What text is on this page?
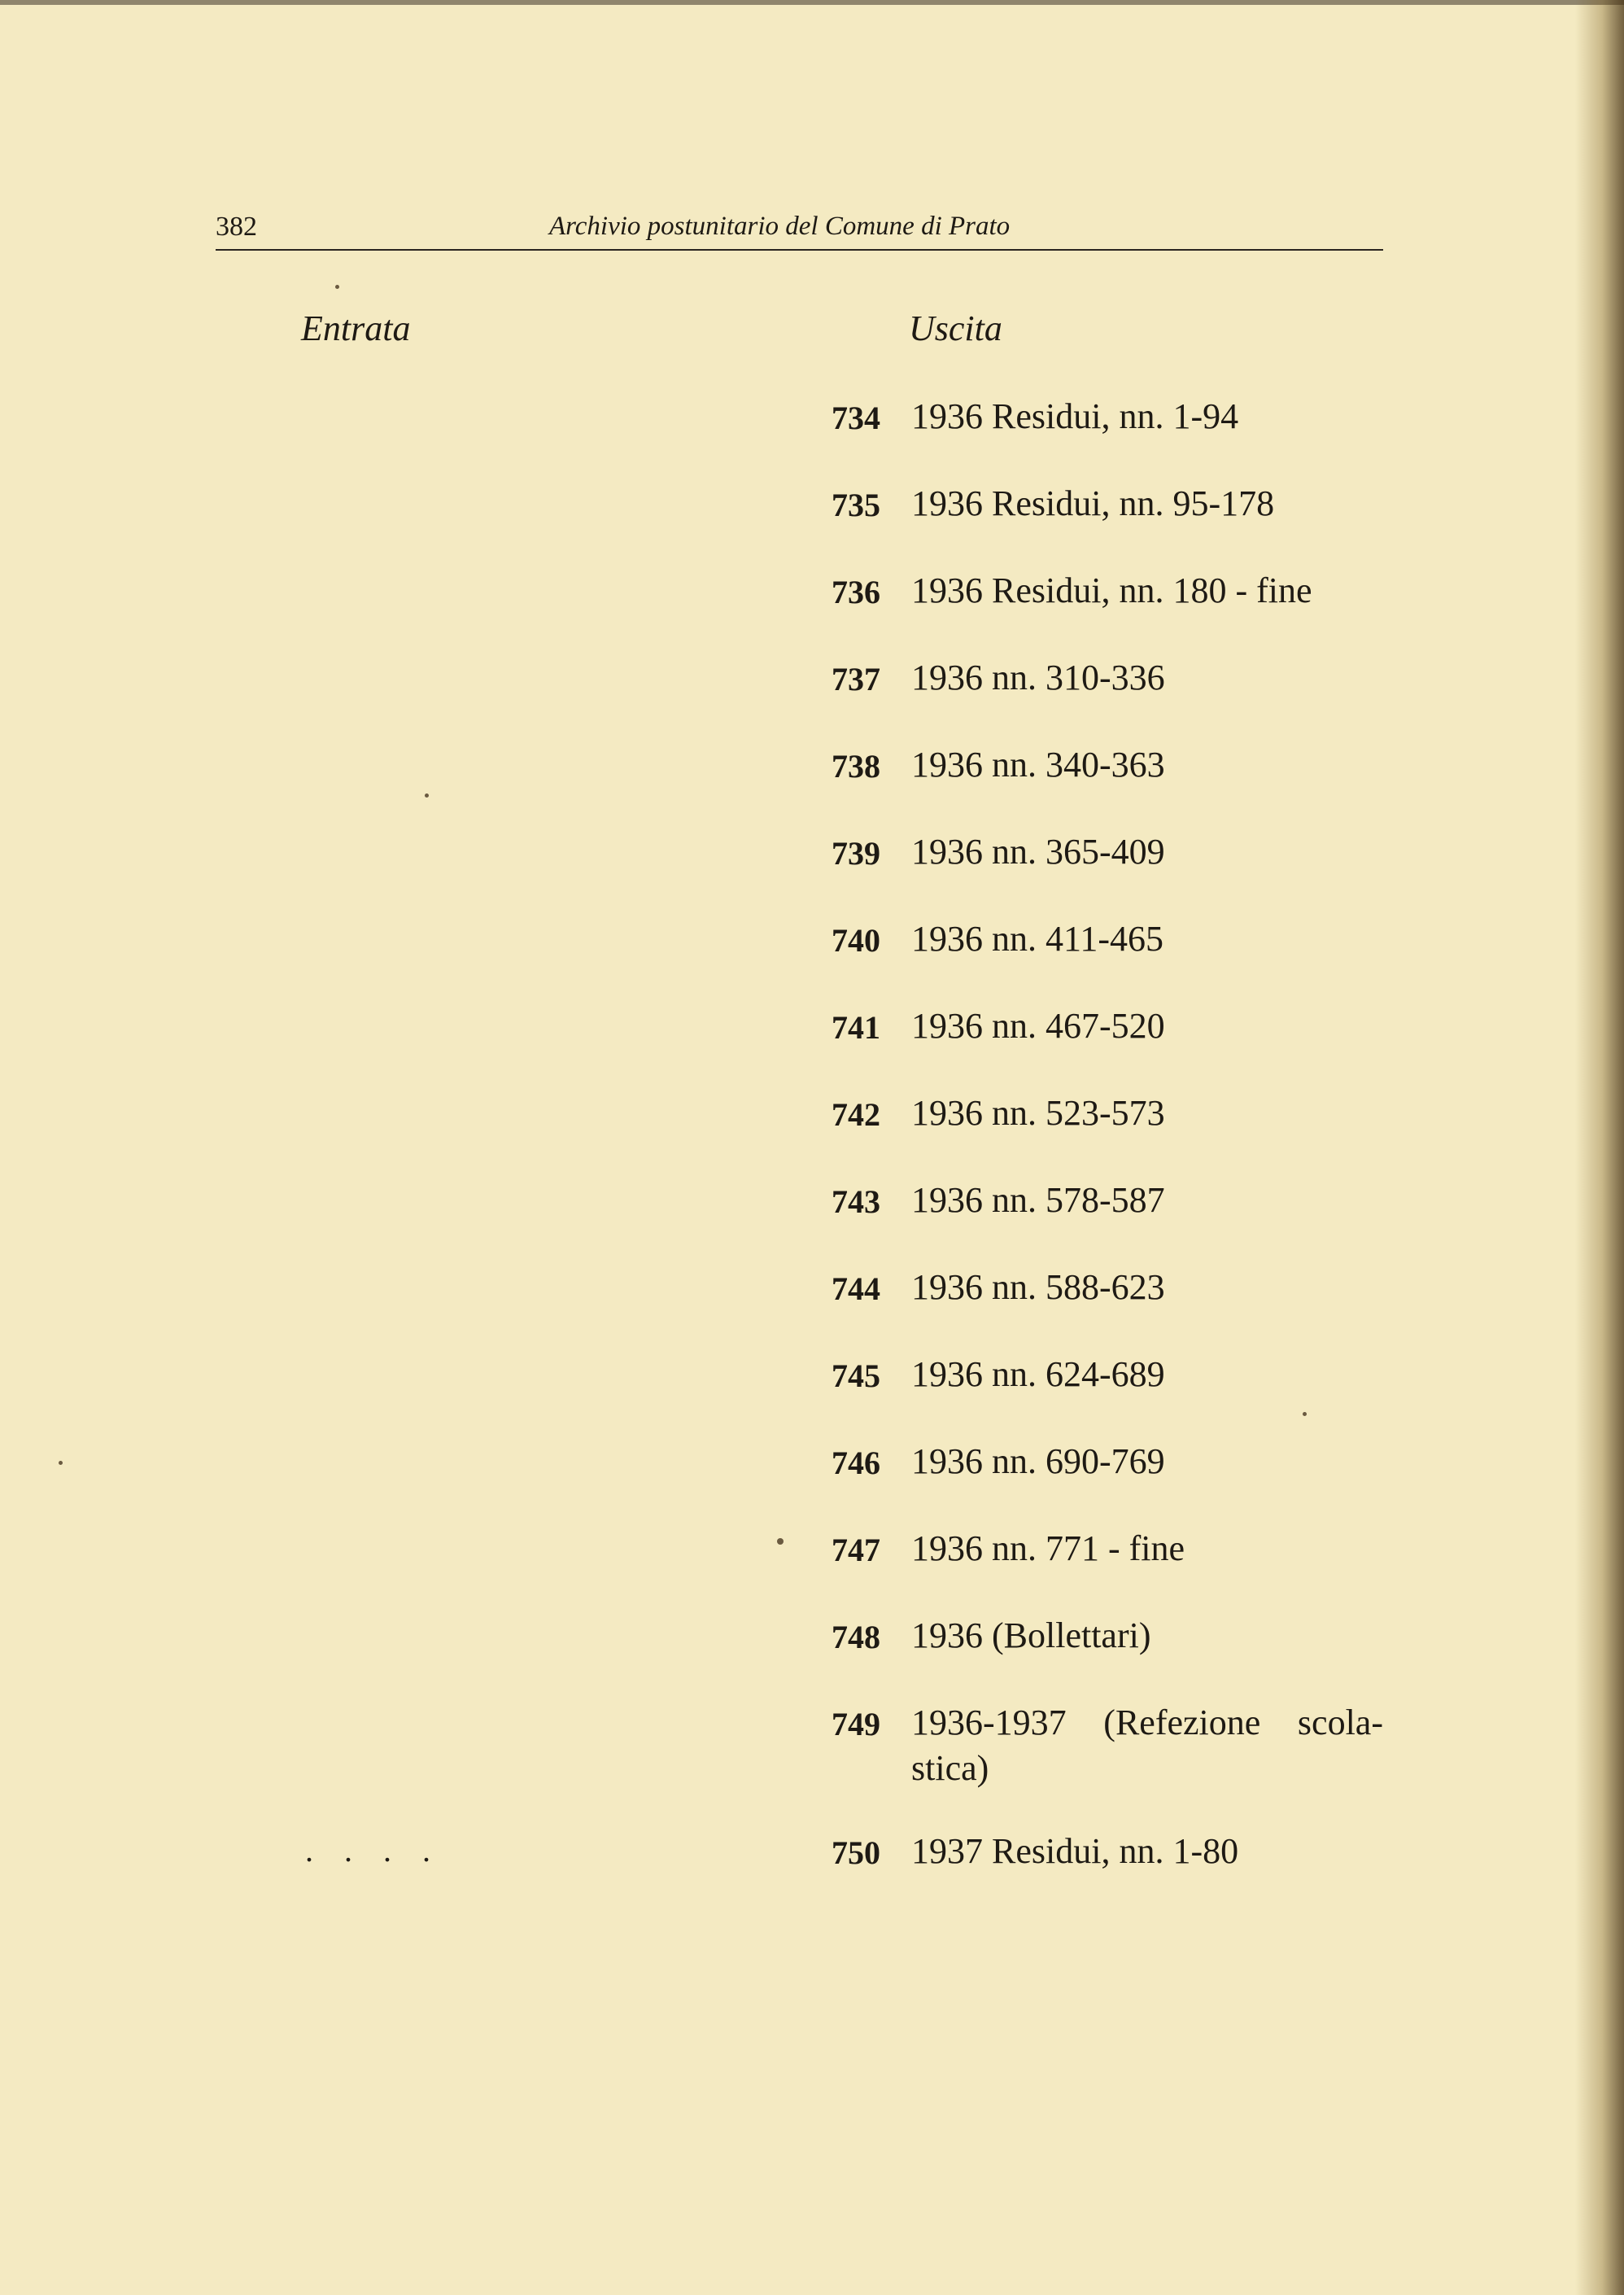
382	Archivio postunitario del Comune di Prato
Entrata	Uscita
734 1936 Residui, nn. 1-94
735 1936 Residui, nn. 95-178
736 1936 Residui, nn. 180 - fine
737 1936 nn. 310-336
738 1936 nn. 340-363
739 1936 nn. 365-409
740 1936 nn. 411-465
741 1936 nn. 467-520
742 1936 nn. 523-573
743 1936 nn. 578-587
744 1936 nn. 588-623
745 1936 nn. 624-689
746 1936 nn. 690-769
747 1936 nn. 771 - fine
748 1936 (Bollettari)
749 1936-1937 (Refezione scola-stica)
750 1937 Residui, nn. 1-80
. . . .
